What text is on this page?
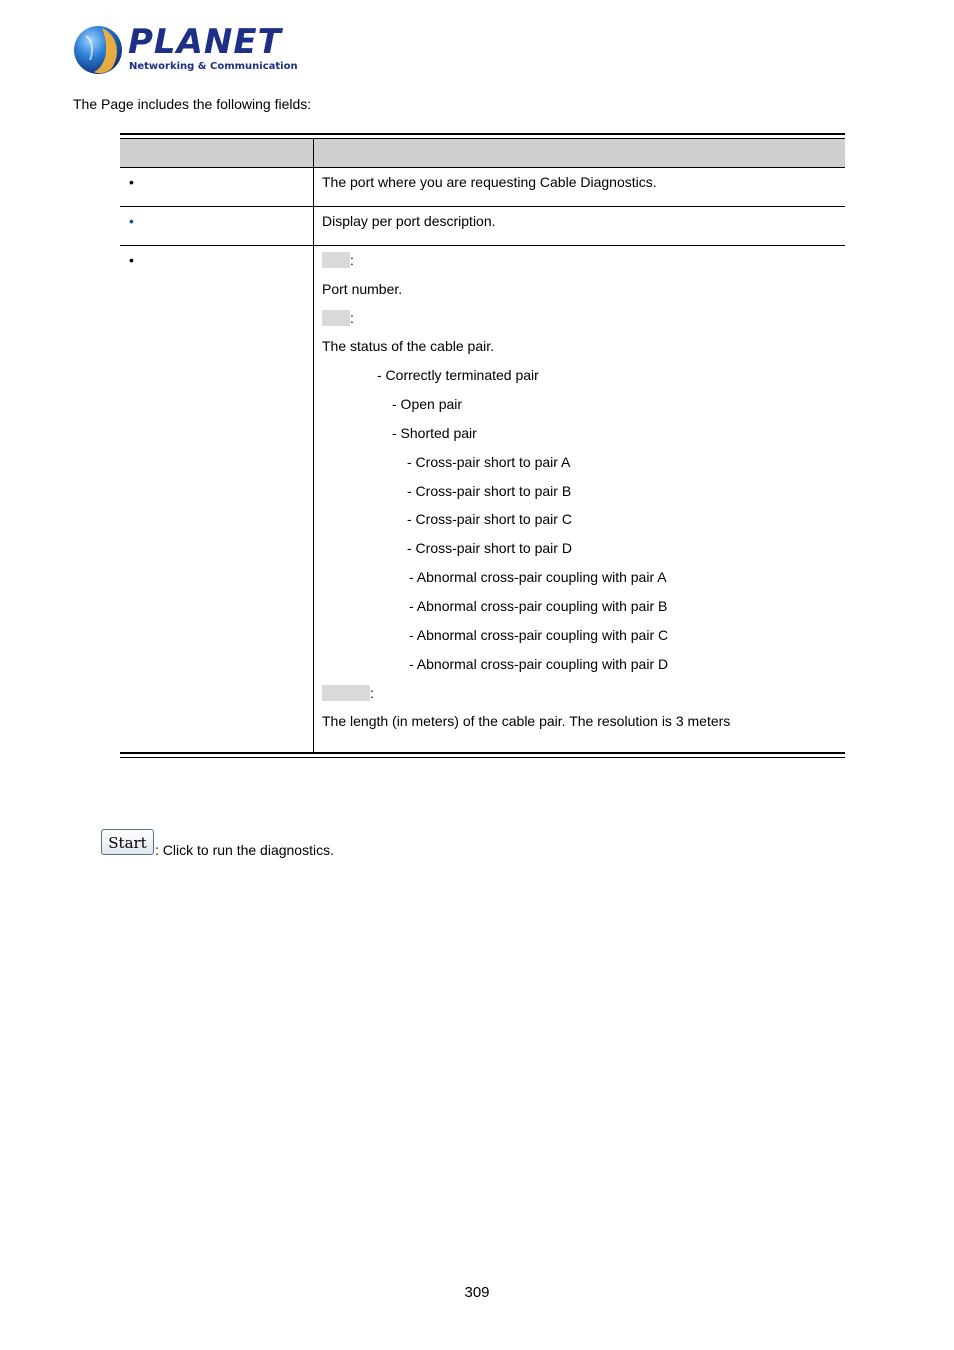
PLANET
Networking & Communication
The Page includes the following fields:
•	The port where you are requesting Cable Diagnostics.
•	Display per port description.
•	:
Port number.
:
The status of the cable pair.
- Correctly terminated pair
- Open pair
- Shorted pair
- Cross-pair short to pair A
- Cross-pair short to pair B
- Cross-pair short to pair C
- Cross-pair short to pair D
- Abnormal cross-pair coupling with pair A
- Abnormal cross-pair coupling with pair B
- Abnormal cross-pair coupling with pair C
- Abnormal cross-pair coupling with pair D
:
The length (in meters) of the cable pair. The resolution is 3 meters
Start : Click to run the diagnostics.
309
